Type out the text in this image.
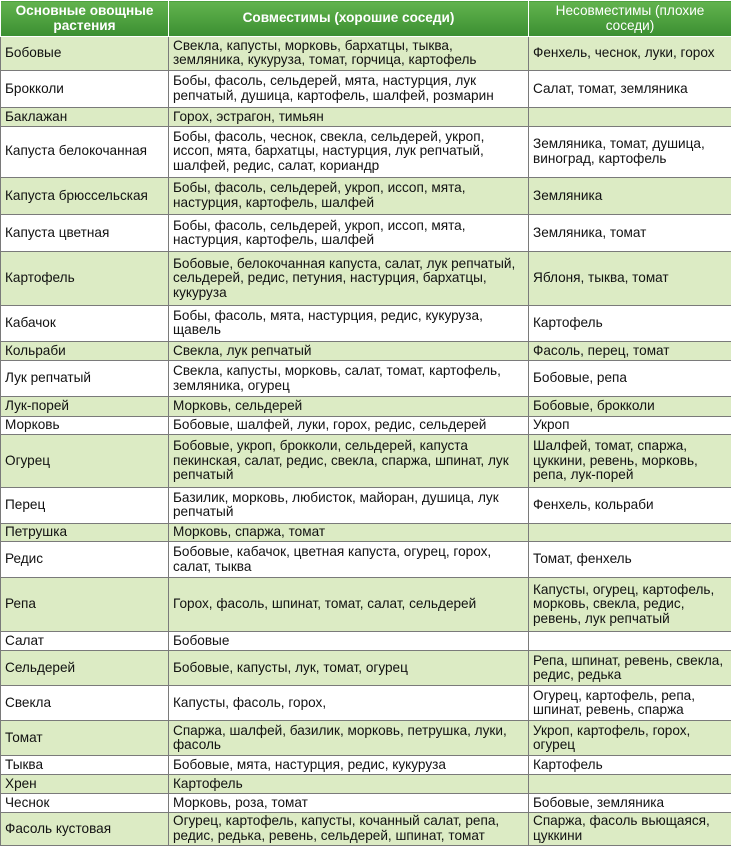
Основные овощные растения	Совместимы (хорошие соседи)	Несовместимы (плохие соседи)
Бобовые	Свекла, капусты, морковь, бархатцы, тыква, земляника, кукуруза, томат, горчица, картофель	Фенхель, чеснок, луки, горох
Брокколи	Бобы, фасоль, сельдерей, мята, настурция, лук репчатый, душица, картофель, шалфей, розмарин	Салат, томат, земляника
Баклажан	Горох, эстрагон, тимьян	
Капуста белокочанная	Бобы, фасоль, чеснок, свекла, сельдерей, укроп, иссоп, мята, бархатцы, настурция, лук репчатый, шалфей, редис, салат, кориандр	Земляника, томат, душица, виноград, картофель
Капуста брюссельская	Бобы, фасоль, сельдерей, укроп, иссоп, мята, настурция, картофель, шалфей	Земляника
Капуста цветная	Бобы, фасоль, сельдерей, укроп, иссоп, мята, настурция, картофель, шалфей	Земляника, томат
Картофель	Бобовые, белокочанная капуста, салат, лук репчатый, сельдерей, редис, петуния, настурция, бархатцы, кукуруза	Яблоня, тыква, томат
Кабачок	Бобы, фасоль, мята, настурция, редис, кукуруза, щавель	Картофель
Кольраби	Свекла, лук репчатый	Фасоль, перец, томат
Лук репчатый	Свекла, капусты, морковь, салат, томат, картофель, земляника, огурец	Бобовые, репа
Лук-порей	Морковь, сельдерей	Бобовые, брокколи
Морковь	Бобовые, шалфей, луки, горох, редис, сельдерей	Укроп
Огурец	Бобовые, укроп, брокколи, сельдерей, капуста пекинская, салат, редис, свекла, спаржа, шпинат, лук репчатый	Шалфей, томат, спаржа, цуккини, ревень, морковь, репа, лук-порей
Перец	Базилик, морковь, любисток, майоран, душица, лук репчатый	Фенхель, кольраби
Петрушка	Морковь, спаржа, томат	
Редис	Бобовые, кабачок, цветная капуста, огурец, горох, салат, тыква	Томат, фенхель
Репа	Горох, фасоль, шпинат, томат, салат, сельдерей	Капусты, огурец, картофель, морковь, свекла, редис, ревень, лук репчатый
Салат	Бобовые	
Сельдерей	Бобовые, капусты, лук, томат, огурец	Репа, шпинат, ревень, свекла, редис, редька
Свекла	Капусты, фасоль, горох,	Огурец, картофель, репа, шпинат, ревень, спаржа
Томат	Спаржа, шалфей, базилик, морковь, петрушка, луки, фасоль	Укроп, картофель, горох, огурец
Тыква	Бобовые, мята, настурция, редис, кукуруза	Картофель
Хрен	Картофель	
Чеснок	Морковь, роза, томат	Бобовые, земляника
Фасоль кустовая	Огурец, картофель, капусты, кочанный салат, репа, редис, редька, ревень, сельдерей, шпинат, томат	Спаржа, фасоль вьющаяся, цуккини
